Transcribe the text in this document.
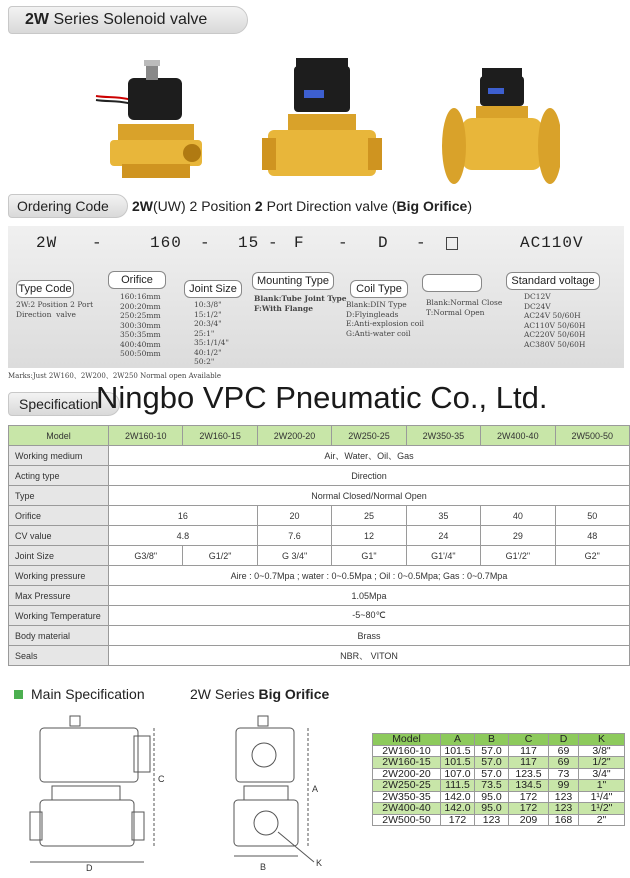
2W Series Solenoid valve
Ordering Code	2W(UW) 2 Position 2 Port Direction valve (Big Orifice)
2W -	160 - 15 - F - D -	AC110V
Type Code
2W:2 Position 2 Port
Direction  valve
Orifice
160:16mm
200:20mm
250:25mm
300:30mm
350:35mm
400:40mm
500:50mm
Joint Size
10:3/8"
15:1/2"
20:3/4"
25:1"
35:1/1/4"
40:1/2"
50:2"
Mounting Type
Blank:Tube Joint Type
F:With Flange
Coil Type
Blank:DIN Type
D:Flyingleads
E:Anti-explosion coil
G:Anti-water coil
Blank:Normal Close
T:Normal Open
Standard voltage
DC12V
DC24V
AC24V 50/60H
AC110V 50/60H
AC220V 50/60H
AC380V 50/60H
Marks:Just 2W160、2W200、2W250 Normal open Available
Specification
Ningbo VPC Pneumatic Co., Ltd.
Model	2W160-10	2W160-15	2W200-20	2W250-25	2W350-35	2W400-40	2W500-50
Working medium	Air、Water、Oil、Gas						
Acting type	Direction						
Type	Normal Closed/Normal Open						
Orifice	16		20	25	35	40	50
CV value	4.8		7.6	12	24	29	48
Joint Size	G3/8"	G1/2"	G 3/4"	G1"	G1'/4"	G1'/2"	G2"
Working pressure	Aire : 0~0.7Mpa ; water : 0~0.5Mpa ; Oil : 0~0.5Mpa; Gas : 0~0.7Mpa						
Max Pressure	1.05Mpa						
Working Temperature	-5~80℃						
Body material	Brass						
Seals	NBR、 VITON						
Main Specification	2W Series Big Orifice
D
C
B
A
K
Model	A	B	C	D	K
2W160-10	101.5	57.0	117	69	3/8"
2W160-15	101.5	57.0	117	69	1/2"
2W200-20	107.0	57.0	123.5	73	3/4"
2W250-25	111.5	73.5	134.5	99	1"
2W350-35	142.0	95.0	172	123	1¹/4"
2W400-40	142.0	95.0	172	123	1¹/2"
2W500-50	172	123	209	168	2"
